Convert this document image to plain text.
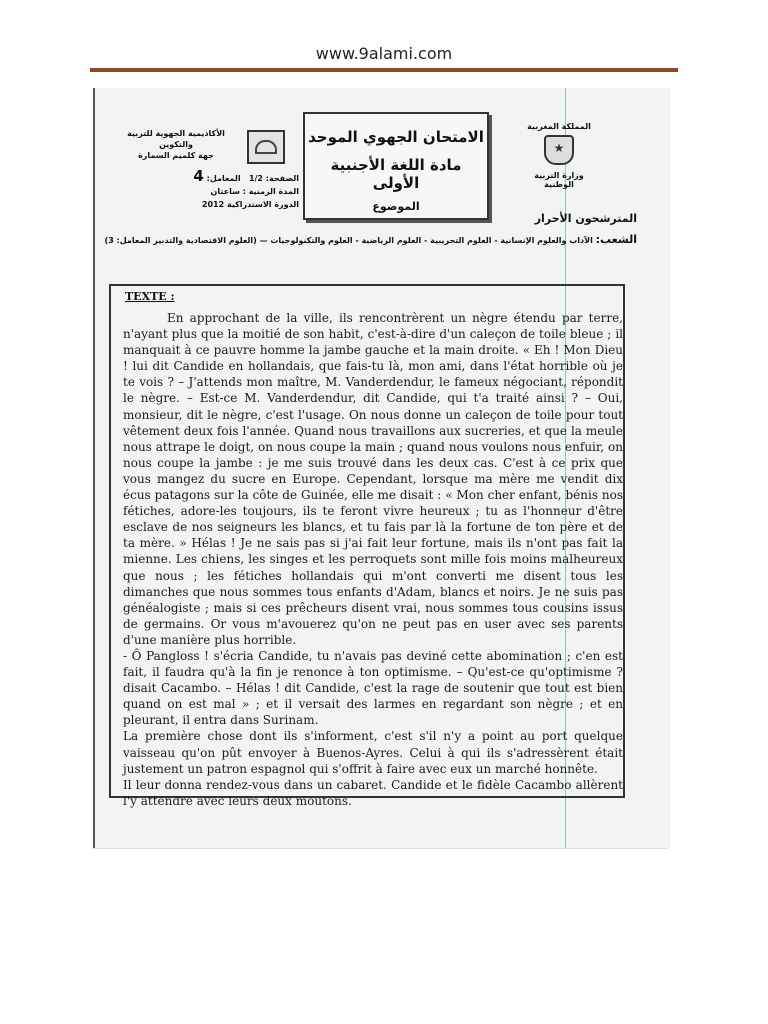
www.9alami.com
المملكة المغربية
★
وزارة التربية الوطنية
الامتحان الجهوي الموحد
مادة اللغة الأجنبية الأولى
الموضوع
الأكاديمية الجهوية للتربية والتكوين
جهة كلميم السمارة
الصفحة: 1/2   المعامل: 4
المدة الزمنية : ساعتان
الدورة الاستدراكية 2012
المترشحون الأحرار
الشعب: الآداب والعلوم الإنسانية - العلوم التجريبية - العلوم الرياضية - العلوم والتكنولوجيات — (العلوم الاقتصادية والتدبير المعامل: 3)
TEXTE :

En approchant de la ville, ils rencontrèrent un nègre étendu par terre, n'ayant plus que la moitié de son habit, c'est-à-dire d'un caleçon de toile bleue ; il manquait à ce pauvre homme la jambe gauche et la main droite. « Eh ! Mon Dieu ! lui dit Candide en hollandais, que fais-tu là, mon ami, dans l'état horrible où je te vois ? – J'attends mon maître, M. Vanderdendur, le fameux négociant, répondit le nègre. – Est-ce M. Vanderdendur, dit Candide, qui t'a traité ainsi ? – Oui, monsieur, dit le nègre, c'est l'usage. On nous donne un caleçon de toile pour tout vêtement deux fois l'année. Quand nous travaillons aux sucreries, et que la meule nous attrape le doigt, on nous coupe la main ; quand nous voulons nous enfuir, on nous coupe la jambe : je me suis trouvé dans les deux cas. C'est à ce prix que vous mangez du sucre en Europe. Cependant, lorsque ma mère me vendit dix écus patagons sur la côte de Guinée, elle me disait : « Mon cher enfant, bénis nos fétiches, adore-les toujours, ils te feront vivre heureux ; tu as l'honneur d'être esclave de nos seigneurs les blancs, et tu fais par là la fortune de ton père et de ta mère. » Hélas ! Je ne sais pas si j'ai fait leur fortune, mais ils n'ont pas fait la mienne. Les chiens, les singes et les perroquets sont mille fois moins malheureux que nous ; les fétiches hollandais qui m'ont converti me disent tous les dimanches que nous sommes tous enfants d'Adam, blancs et noirs. Je ne suis pas généalogiste ; mais si ces prêcheurs disent vrai, nous sommes tous cousins issus de germains. Or vous m'avouerez qu'on ne peut pas en user avec ses parents d'une manière plus horrible.

- Ô Pangloss ! s'écria Candide, tu n'avais pas deviné cette abomination ; c'en est fait, il faudra qu'à la fin je renonce à ton optimisme. – Qu'est-ce qu'optimisme ? disait Cacambo. – Hélas ! dit Candide, c'est la rage de soutenir que tout est bien quand on est mal » ; et il versait des larmes en regardant son nègre ; et en pleurant, il entra dans Surinam.

La première chose dont ils s'informent, c'est s'il n'y a point au port quelque vaisseau qu'on pût envoyer à Buenos-Ayres. Celui à qui ils s'adressèrent était justement un patron espagnol qui s'offrit à faire avec eux un marché honnête.

Il leur donna rendez-vous dans un cabaret. Candide et le fidèle Cacambo allèrent l'y attendre avec leurs deux moutons.
